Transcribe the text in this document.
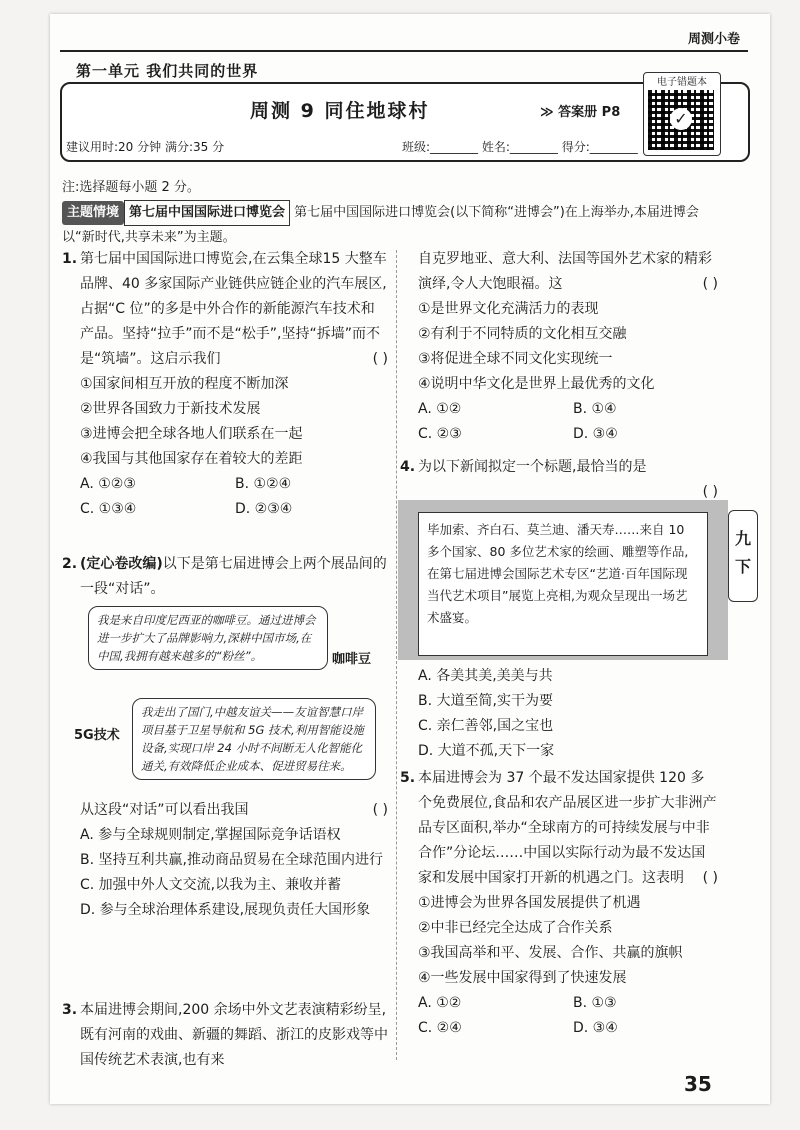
周测小卷
第一单元 我们共同的世界
周测 9 同住地球村	≫ 答案册 P8
电子错题本
✓
建议用时:20 分钟 满分:35 分	班级:________ 姓名:________ 得分:________
注:选择题每小题 2 分。
主题情境 第七届中国国际进口博览会 第七届中国国际进口博览会(以下简称“进博会”)在上海举办,本届进博会以“新时代,共享未来”为主题。
1. 第七届中国国际进口博览会,在云集全球15 大整车品牌、40 多家国际产业链供应链企业的汽车展区,占据“C 位”的多是中外合作的新能源汽车技术和产品。坚持“拉手”而不是“松手”,坚持“拆墙”而不是“筑墙”。这启示我们	( )
①国家间相互开放的程度不断加深
②世界各国致力于新技术发展
③进博会把全球各地人们联系在一起
④我国与其他国家存在着较大的差距
A. ①②③	B. ①②④
C. ①③④	D. ②③④
2. (定心卷改编)以下是第七届进博会上两个展品间的一段“对话”。
我是来自印度尼西亚的咖啡豆。通过进博会进一步扩大了品牌影响力,深耕中国市场,在中国,我拥有越来越多的“粉丝”。	咖啡豆
5G技术
我走出了国门,中越友谊关——友谊智慧口岸项目基于卫星导航和 5G 技术,利用智能设施设备,实现口岸 24 小时不间断无人化智能化通关,有效降低企业成本、促进贸易往来。
从这段“对话”可以看出我国	( )
A. 参与全球规则制定,掌握国际竞争话语权
B. 坚持互利共赢,推动商品贸易在全球范围内进行
C. 加强中外人文交流,以我为主、兼收并蓄
D. 参与全球治理体系建设,展现负责任大国形象
3. 本届进博会期间,200 余场中外文艺表演精彩纷呈,既有河南的戏曲、新疆的舞蹈、浙江的皮影戏等中国传统艺术表演,也有来
自克罗地亚、意大利、法国等国外艺术家的精彩演绎,令人大饱眼福。这	( )
①是世界文化充满活力的表现
②有利于不同特质的文化相互交融
③将促进全球不同文化实现统一
④说明中华文化是世界上最优秀的文化
A. ①②	B. ①④
C. ②③	D. ③④
4. 为以下新闻拟定一个标题,最恰当的是
( )
毕加索、齐白石、莫兰迪、潘天寿……来自 10 多个国家、80 多位艺术家的绘画、雕塑等作品,在第七届进博会国际艺术专区“艺道·百年国际现当代艺术项目”展览上亮相,为观众呈现出一场艺术盛宴。
A. 各美其美,美美与共
B. 大道至简,实干为要
C. 亲仁善邻,国之宝也
D. 大道不孤,天下一家
5. 本届进博会为 37 个最不发达国家提供 120 多个免费展位,食品和农产品展区进一步扩大非洲产品专区面积,举办“全球南方的可持续发展与中非合作”分论坛……中国以实际行动为最不发达国家和发展中国家打开新的机遇之门。这表明	( )
①进博会为世界各国发展提供了机遇
②中非已经完全达成了合作关系
③我国高举和平、发展、合作、共赢的旗帜
④一些发展中国家得到了快速发展
A. ①②	B. ①③
C. ②④	D. ③④
九
下
35
